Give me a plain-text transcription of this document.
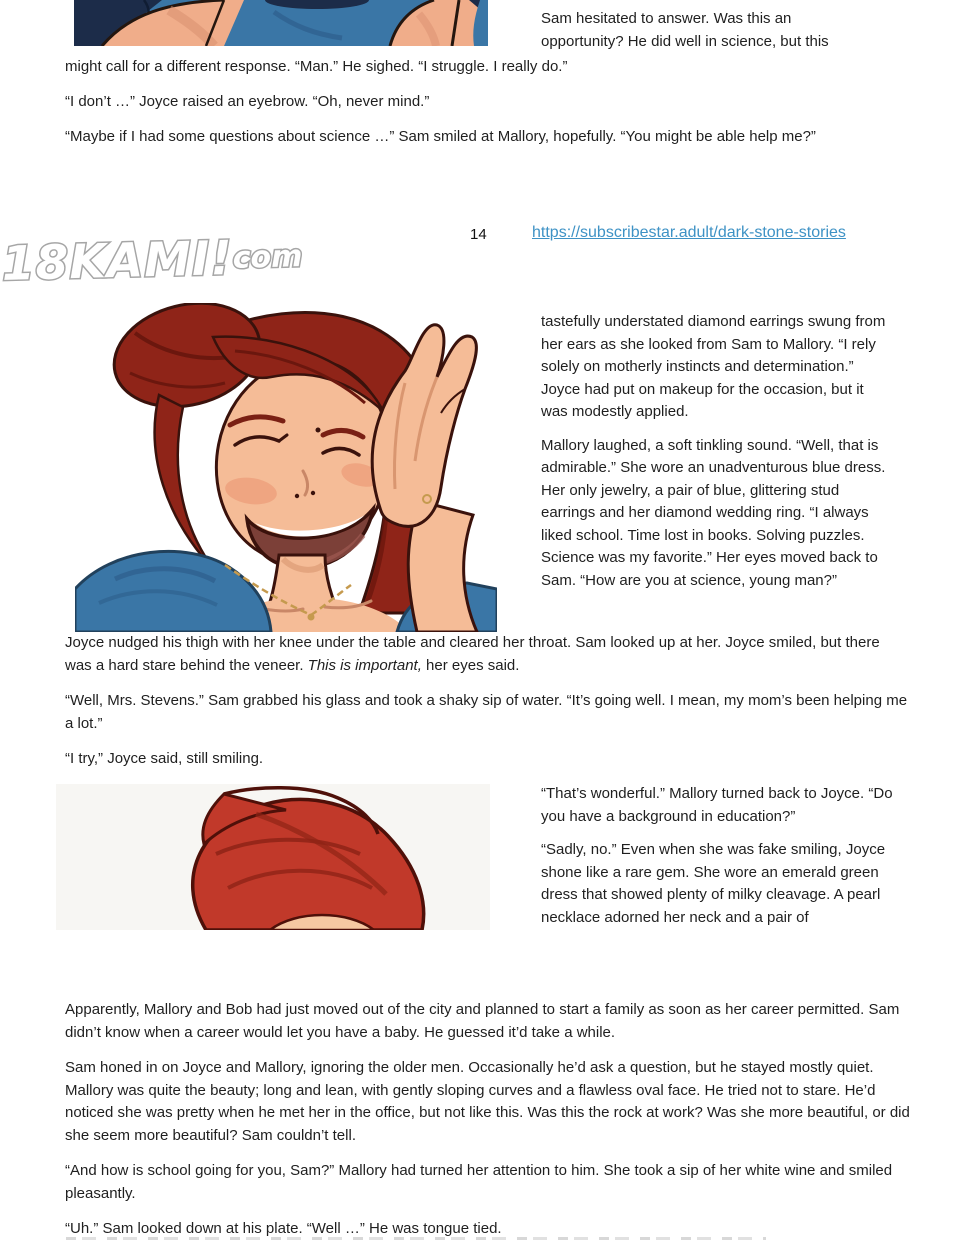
Sam hesitated to answer. Was this an opportunity? He did well in science, but this
might call for a different response. “Man.” He sighed. “I struggle. I really do.”
“I don’t …” Joyce raised an eyebrow. “Oh, never mind.”
“Maybe if I had some questions about science …” Sam smiled at Mallory, hopefully. “You might be able help me?”
14	https://subscribestar.adult/dark-stone-stories
18KAMI!com

tastefully understated diamond earrings swung from her ears as she looked from Sam to Mallory. “I rely solely on motherly instincts and determination.” Joyce had put on makeup for the occasion, but it was modestly applied.

Mallory laughed, a soft tinkling sound. “Well, that is admirable.” She wore an unadventurous blue dress. Her only jewelry, a pair of blue, glittering stud earrings and her diamond wedding ring. “I always liked school. Time lost in books. Solving puzzles. Science was my favorite.” Her eyes moved back to Sam. “How are you at science, young man?”

Joyce nudged his thigh with her knee under the table and cleared her throat. Sam looked up at her. Joyce smiled, but there was a hard stare behind the veneer. This is important, her eyes said.
“Well, Mrs. Stevens.” Sam grabbed his glass and took a shaky sip of water. “It’s going well. I mean, my mom’s been helping me a lot.”
“I try,” Joyce said, still smiling.

“That’s wonderful.” Mallory turned back to Joyce. “Do you have a background in education?”

“Sadly, no.” Even when she was fake smiling, Joyce shone like a rare gem. She wore an emerald green dress that showed plenty of milky cleavage. A pearl necklace adorned her neck and a pair of

Apparently, Mallory and Bob had just moved out of the city and planned to start a family as soon as her career permitted. Sam didn’t know when a career would let you have a baby. He guessed it’d take a while.
Sam honed in on Joyce and Mallory, ignoring the older men. Occasionally he’d ask a question, but he stayed mostly quiet. Mallory was quite the beauty; long and lean, with gently sloping curves and a flawless oval face. He tried not to stare. He’d noticed she was pretty when he met her in the office, but not like this. Was this the rock at work? Was she more beautiful, or did she seem more beautiful? Sam couldn’t tell.
“And how is school going for you, Sam?” Mallory had turned her attention to him. She took a sip of her white wine and smiled pleasantly.
“Uh.” Sam looked down at his plate. “Well …” He was tongue tied.
